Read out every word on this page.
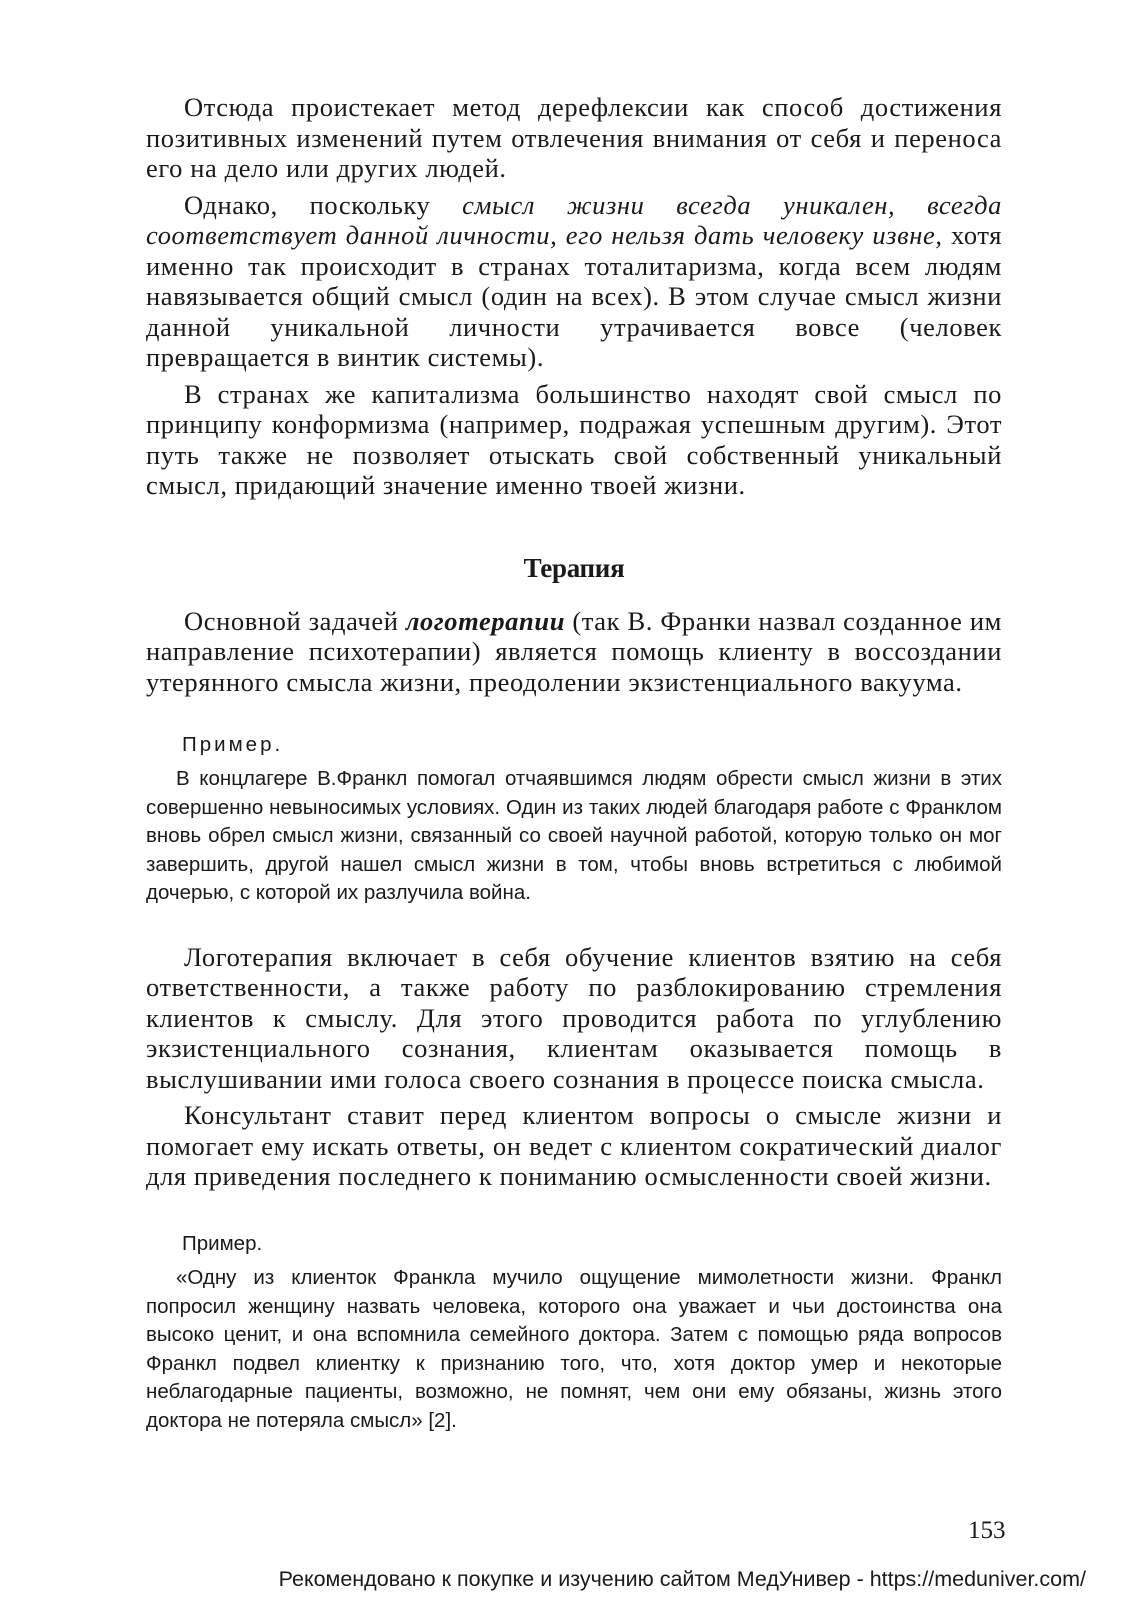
Отсюда проистекает метод дерефлексии как способ достижения позитивных изменений путем отвлечения внимания от себя и переноса его на дело или других людей.

Однако, поскольку смысл жизни всегда уникален, всегда соответствует данной личности, его нельзя дать человеку извне, хотя именно так происходит в странах тоталитаризма, когда всем людям навязывается общий смысл (один на всех). В этом случае смысл жизни данной уникальной личности утрачивается вовсе (человек превращается в винтик системы).

В странах же капитализма большинство находят свой смысл по принципу конформизма (например, подражая успешным другим). Этот путь также не позволяет отыскать свой собственный уникальный смысл, придающий значение именно твоей жизни.

Терапия

Основной задачей логотерапии (так В. Франки назвал созданное им направление психотерапии) является помощь клиенту в воссоздании утерянного смысла жизни, преодолении экзистенциального вакуума.

Пример.

В концлагере В.Франкл помогал отчаявшимся людям обрести смысл жизни в этих совершенно невыносимых условиях. Один из таких людей благодаря работе с Франклом вновь обрел смысл жизни, связанный со своей научной работой, которую только он мог завершить, другой нашел смысл жизни в том, чтобы вновь встретиться с любимой дочерью, с которой их разлучила война.

Логотерапия включает в себя обучение клиентов взятию на себя ответственности, а также работу по разблокированию стремления клиентов к смыслу. Для этого проводится работа по углублению экзистенциального сознания, клиентам оказывается помощь в выслушивании ими голоса своего сознания в процессе поиска смысла.

Консультант ставит перед клиентом вопросы о смысле жизни и помогает ему искать ответы, он ведет с клиентом сократический диалог для приведения последнего к пониманию осмысленности своей жизни.

Пример.

«Одну из клиенток Франкла мучило ощущение мимолетности жизни. Франкл попросил женщину назвать человека, которого она уважает и чьи достоинства она высоко ценит, и она вспомнила семейного доктора. Затем с помощью ряда вопросов Франкл подвел клиентку к признанию того, что, хотя доктор умер и некоторые неблагодарные пациенты, возможно, не помнят, чем они ему обязаны, жизнь этого доктора не потеряла смысл» [2].

153
Рекомендовано к покупке и изучению сайтом МедУнивер - https://meduniver.com/
